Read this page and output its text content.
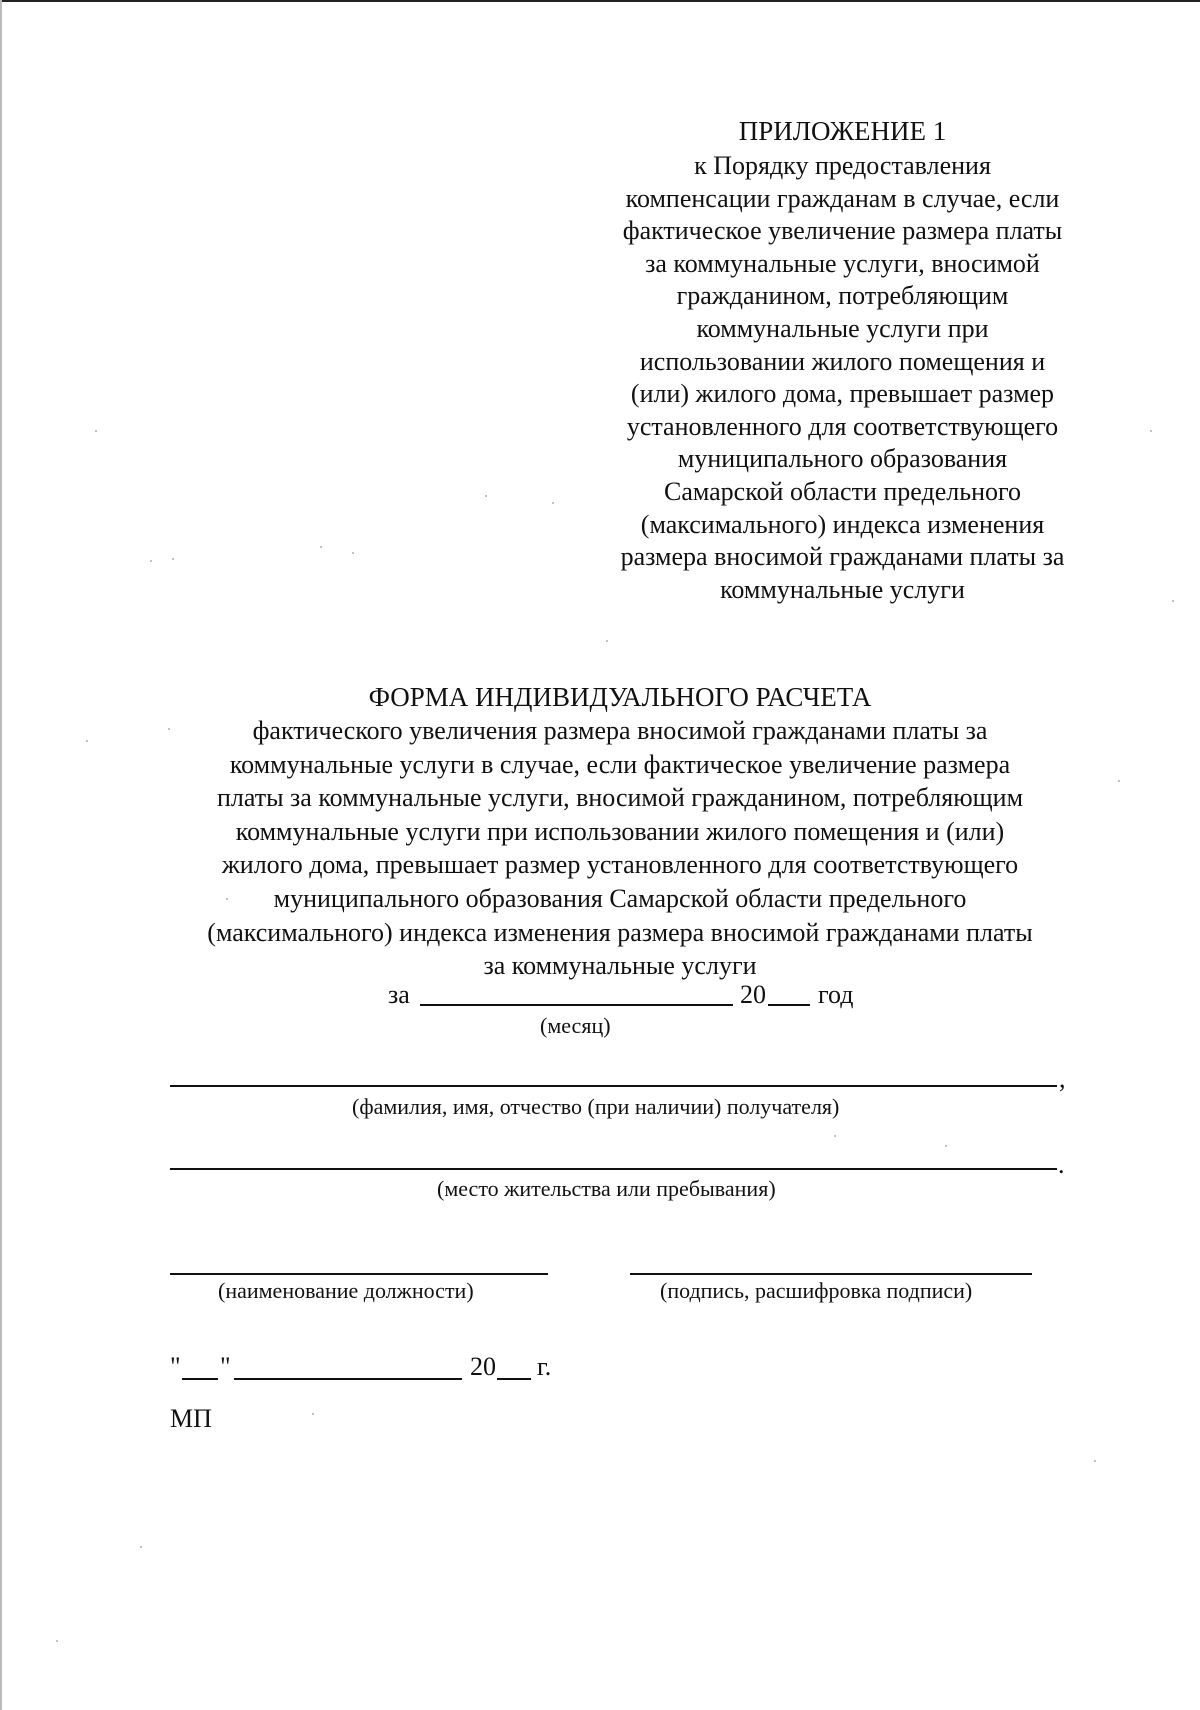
ПРИЛОЖЕНИЕ 1
к Порядку предоставления
компенсации гражданам в случае, если
фактическое увеличение размера платы
за коммунальные услуги, вносимой
гражданином, потребляющим
коммунальные услуги при
использовании жилого помещения и
(или) жилого дома, превышает размер
установленного для соответствующего
муниципального образования
Самарской области предельного
(максимального) индекса изменения
размера вносимой гражданами платы за
коммунальные услуги
ФОРМА ИНДИВИДУАЛЬНОГО РАСЧЕТА
фактического увеличения размера вносимой гражданами платы за
коммунальные услуги в случае, если фактическое увеличение размера
платы за коммунальные услуги, вносимой гражданином, потребляющим
коммунальные услуги при использовании жилого помещения и (или)
жилого дома, превышает размер установленного для соответствующего
муниципального образования Самарской области предельного
(максимального) индекса изменения размера вносимой гражданами платы
за коммунальные услуги
за	20 год
(месяц)
,
(фамилия, имя, отчество (при наличии) получателя)
.
(место жительства или пребывания)
(наименование должности)	(подпись, расшифровка подписи)
" "	20 г.
МП
